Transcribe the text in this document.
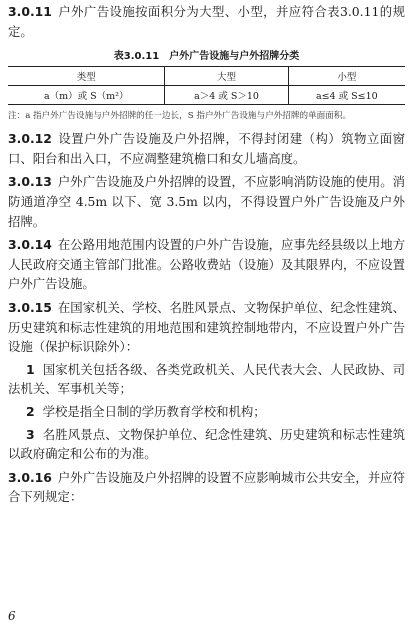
3.0.11 户外广告设施按面积分为大型、小型，并应符合表3.0.11的规定。

表3.0.11 户外广告设施与户外招牌分类
类型	大型	小型
a（m）或 S（m²）	a＞4 或 S＞10	a≤4 或 S≤10

注：a 指户外广告设施与户外招牌的任一边长，S 指户外广告设施与户外招牌的单面面积。

3.0.12 设置户外广告设施及户外招牌，不得封闭建（构）筑物立面窗口、阳台和出入口，不应凋整建筑檐口和女儿墙高度。

3.0.13 户外广告设施及户外招牌的设置，不应影响消防设施的使用。消防通道净空 4.5m 以下、宽 3.5m 以内，不得设置户外广告设施及户外招牌。

3.0.14 在公路用地范围内设置的户外广告设施，应事先经县级以上地方人民政府交通主管部门批准。公路收费站（设施）及其限界内，不应设置户外广告设施。

3.0.15 在国家机关、学校、名胜风景点、文物保护单位、纪念性建筑、历史建筑和标志性建筑的用地范围和建筑控制地带内，不应设置户外广告设施（保护标识除外）：

1 国家机关包括各级、各类党政机关、人民代表大会、人民政协、司法机关、军事机关等；

2 学校是指全日制的学历教育学校和机构；

3 名胜风景点、文物保护单位、纪念性建筑、历史建筑和标志性建筑以政府确定和公布的为准。

3.0.16 户外广告设施及户外招牌的设置不应影响城市公共安全，并应符合下列规定：

6
